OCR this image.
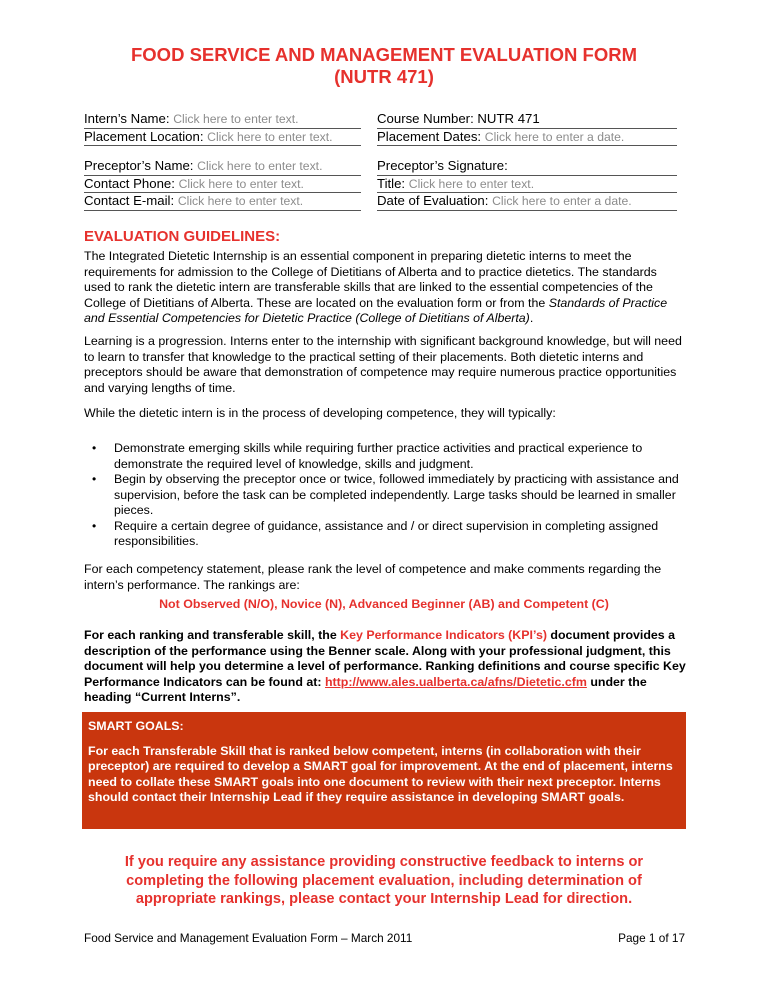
FOOD SERVICE AND MANAGEMENT EVALUATION FORM
(NUTR 471)
Intern’s Name: Click here to enter text.
Placement Location: Click here to enter text.
Course Number: NUTR 471
Placement Dates: Click here to enter a date.
Preceptor’s Name: Click here to enter text.
Contact Phone: Click here to enter text.
Contact E-mail: Click here to enter text.
Preceptor’s Signature:
Title: Click here to enter text.
Date of Evaluation: Click here to enter a date.
EVALUATION GUIDELINES:

The Integrated Dietetic Internship is an essential component in preparing dietetic interns to meet the requirements for admission to the College of Dietitians of Alberta and to practice dietetics. The standards used to rank the dietetic intern are transferable skills that are linked to the essential competencies of the College of Dietitians of Alberta. These are located on the evaluation form or from the Standards of Practice and Essential Competencies for Dietetic Practice (College of Dietitians of Alberta).

Learning is a progression. Interns enter to the internship with significant background knowledge, but will need to learn to transfer that knowledge to the practical setting of their placements. Both dietetic interns and preceptors should be aware that demonstration of competence may require numerous practice opportunities and varying lengths of time.

While the dietetic intern is in the process of developing competence, they will typically:

• Demonstrate emerging skills while requiring further practice activities and practical experience to demonstrate the required level of knowledge, skills and judgment.
• Begin by observing the preceptor once or twice, followed immediately by practicing with assistance and supervision, before the task can be completed independently. Large tasks should be learned in smaller pieces.
• Require a certain degree of guidance, assistance and / or direct supervision in completing assigned responsibilities.

For each competency statement, please rank the level of competence and make comments regarding the intern’s performance. The rankings are:

Not Observed (N/O), Novice (N), Advanced Beginner (AB) and Competent (C)

For each ranking and transferable skill, the Key Performance Indicators (KPI’s) document provides a description of the performance using the Benner scale. Along with your professional judgment, this document will help you determine a level of performance. Ranking definitions and course specific Key Performance Indicators can be found at: http://www.ales.ualberta.ca/afns/Dietetic.cfm under the heading “Current Interns”.

SMART GOALS:

For each Transferable Skill that is ranked below competent, interns (in collaboration with their preceptor) are required to develop a SMART goal for improvement. At the end of placement, interns need to collate these SMART goals into one document to review with their next preceptor. Interns should contact their Internship Lead if they require assistance in developing SMART goals.

If you require any assistance providing constructive feedback to interns or completing the following placement evaluation, including determination of appropriate rankings, please contact your Internship Lead for direction.

Food Service and Management Evaluation Form – March 2011	Page 1 of 17
